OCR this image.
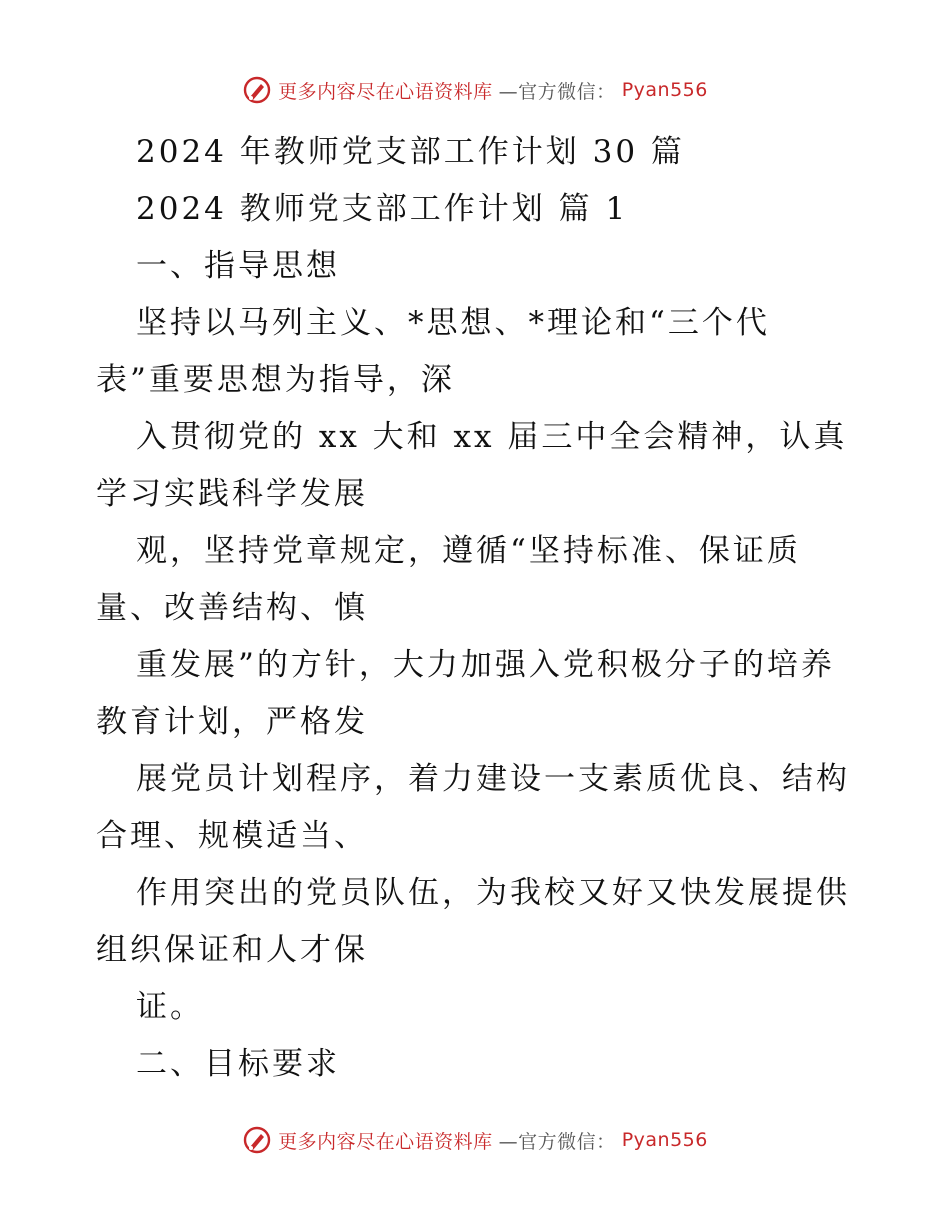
更多内容尽在心语资料库 —官方微信： Pyan556
2024 年教师党支部工作计划 30 篇
2024 教师党支部工作计划 篇 1
一、指导思想
坚持以马列主义、*思想、*理论和“三个代
表”重要思想为指导，深
入贯彻党的 xx 大和 xx 届三中全会精神，认真
学习实践科学发展
观，坚持党章规定，遵循“坚持标准、保证质
量、改善结构、慎
重发展”的方针，大力加强入党积极分子的培养
教育计划，严格发
展党员计划程序，着力建设一支素质优良、结构
合理、规模适当、
作用突出的党员队伍，为我校又好又快发展提供
组织保证和人才保
证。
二、目标要求
更多内容尽在心语资料库 —官方微信： Pyan556
